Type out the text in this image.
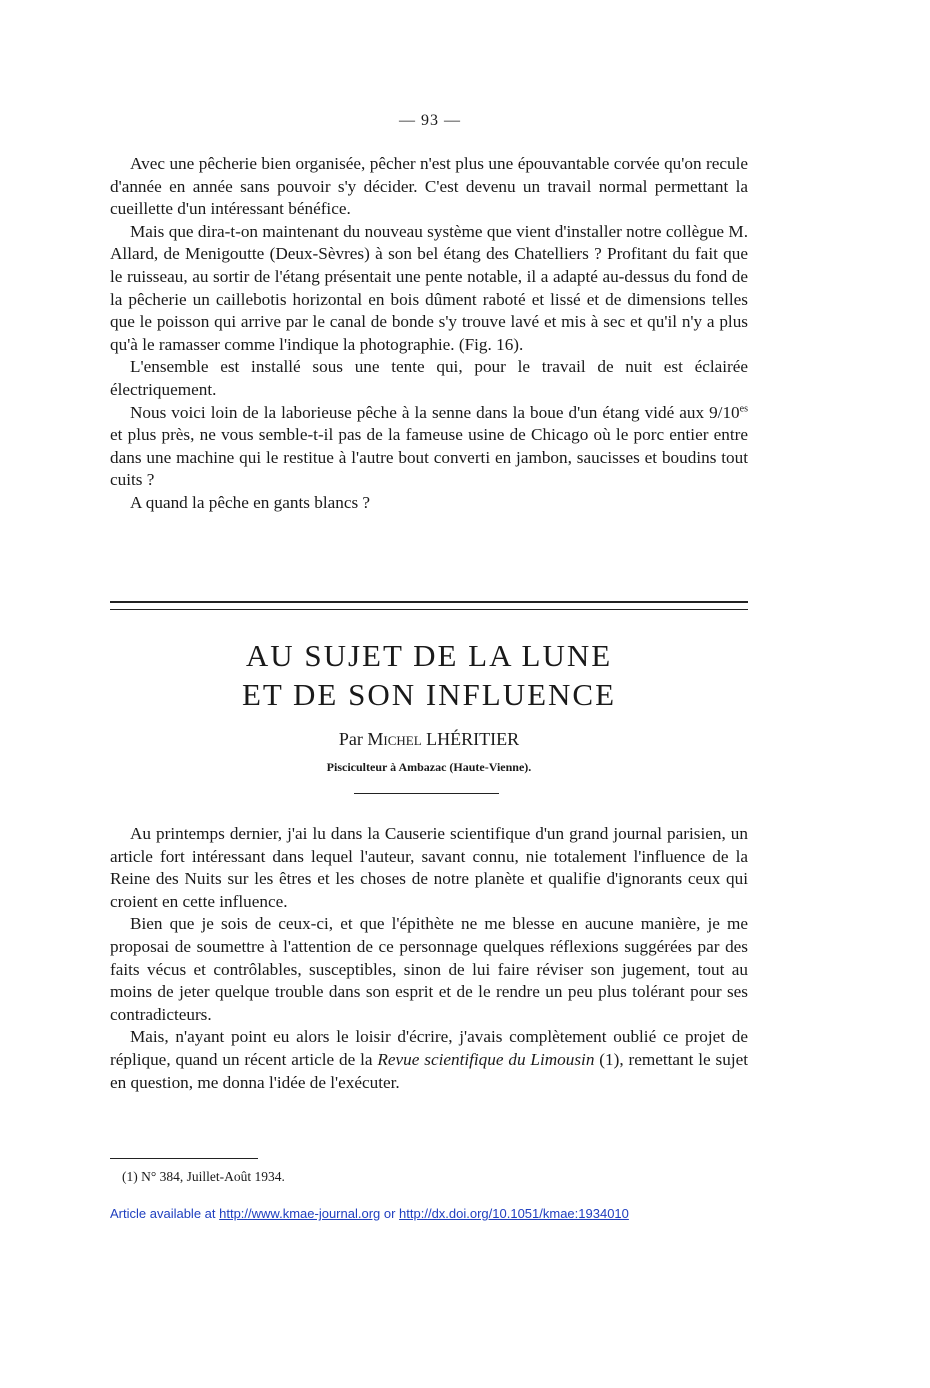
— 93 —

Avec une pêcherie bien organisée, pêcher n'est plus une épouvantable corvée qu'on recule d'année en année sans pouvoir s'y décider. C'est devenu un travail normal permettant la cueillette d'un intéressant bénéfice.

Mais que dira-t-on maintenant du nouveau système que vient d'installer notre collègue M. Allard, de Menigoutte (Deux-Sèvres) à son bel étang des Chatelliers ? Profitant du fait que le ruisseau, au sortir de l'étang présentait une pente notable, il a adapté au-dessus du fond de la pêcherie un caillebotis horizontal en bois dûment raboté et lissé et de dimensions telles que le poisson qui arrive par le canal de bonde s'y trouve lavé et mis à sec et qu'il n'y a plus qu'à le ramasser comme l'indique la photographie. (Fig. 16).

L'ensemble est installé sous une tente qui, pour le travail de nuit est éclairée électriquement.

Nous voici loin de la laborieuse pêche à la senne dans la boue d'un étang vidé aux $9/10^{es}$ et plus près, ne vous semble-t-il pas de la fameuse usine de Chicago où le porc entier entre dans une machine qui le restitue à l'autre bout converti en jambon, saucisses et boudins tout cuits ?

A quand la pêche en gants blancs ?

AU SUJET DE LA LUNE
ET DE SON INFLUENCE
Par Michel LHÉRITIER
Pisciculteur à Ambazac (Haute-Vienne).

Au printemps dernier, j'ai lu dans la Causerie scientifique d'un grand journal parisien, un article fort intéressant dans lequel l'auteur, savant connu, nie totalement l'influence de la Reine des Nuits sur les êtres et les choses de notre planète et qualifie d'ignorants ceux qui croient en cette influence.

Bien que je sois de ceux-ci, et que l'épithète ne me blesse en aucune manière, je me proposai de soumettre à l'attention de ce personnage quelques réflexions suggérées par des faits vécus et contrôlables, susceptibles, sinon de lui faire réviser son jugement, tout au moins de jeter quelque trouble dans son esprit et de le rendre un peu plus tolérant pour ses contradicteurs.

Mais, n'ayant point eu alors le loisir d'écrire, j'avais complètement oublié ce projet de réplique, quand un récent article de la Revue scientifique du Limousin (1), remettant le sujet en question, me donna l'idée de l'exécuter.

(1) N° 384, Juillet-Août 1934.
Article available at http://www.kmae-journal.org or http://dx.doi.org/10.1051/kmae:1934010
